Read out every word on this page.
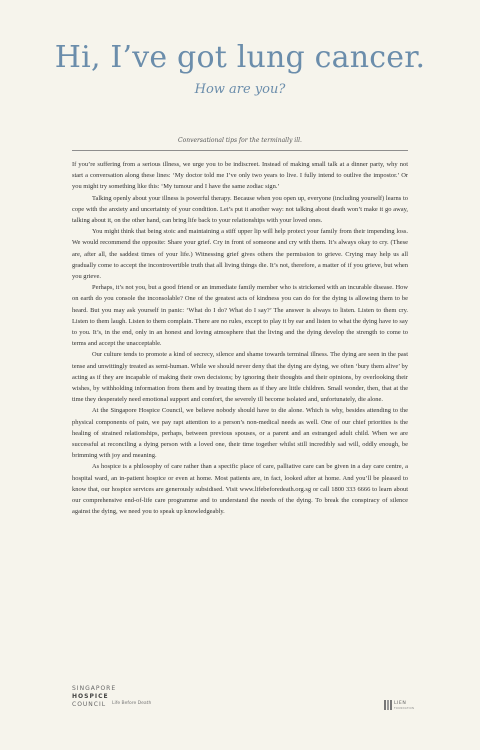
Hi, I’ve got lung cancer.
How are you?
Conversational tips for the terminally ill.

If you’re suffering from a serious illness, we urge you to be indiscreet. Instead of making small talk at a dinner party, why not start a conversation along these lines: ‘My doctor told me I’ve only two years to live. I fully intend to outlive the impostor.’ Or you might try something like this: ‘My tumour and I have the same zodiac sign.’

Talking openly about your illness is powerful therapy. Because when you open up, everyone (including yourself) learns to cope with the anxiety and uncertainty of your condition. Let’s put it another way: not talking about death won’t make it go away, talking about it, on the other hand, can bring life back to your relationships with your loved ones.

You might think that being stoic and maintaining a stiff upper lip will help protect your family from their impending loss. We would recommend the opposite: Share your grief. Cry in front of someone and cry with them. It’s always okay to cry. (These are, after all, the saddest times of your life.) Witnessing grief gives others the permission to grieve. Crying may help us all gradually come to accept the incontrovertible truth that all living things die. It’s not, therefore, a matter of if you grieve, but when you grieve.

Perhaps, it’s not you, but a good friend or an immediate family member who is strickened with an incurable disease. How on earth do you console the inconsolable? One of the greatest acts of kindness you can do for the dying is allowing them to be heard. But you may ask yourself in panic: ‘What do I do? What do I say?’ The answer is always to listen. Listen to them cry. Listen to them laugh. Listen to them complain. There are no rules, except to play it by ear and listen to what the dying have to say to you. It’s, in the end, only in an honest and loving atmosphere that the living and the dying develop the strength to come to terms and accept the unacceptable.

Our culture tends to promote a kind of secrecy, silence and shame towards terminal illness. The dying are seen in the past tense and unwittingly treated as semi-human. While we should never deny that the dying are dying, we often ‘bury them alive’ by acting as if they are incapable of making their own decisions; by ignoring their thoughts and their opinions, by overlooking their wishes, by withholding information from them and by treating them as if they are little children. Small wonder, then, that at the time they desperately need emotional support and comfort, the severely ill become isolated and, unfortunately, die alone.

At the Singapore Hospice Council, we believe nobody should have to die alone. Which is why, besides attending to the physical components of pain, we pay rapt attention to a person’s non-medical needs as well. One of our chief priorities is the healing of strained relationships, perhaps, between previous spouses, or a parent and an estranged adult child. When we are successful at reconciling a dying person with a loved one, their time together whilst still incredibly sad will, oddly enough, be brimming with joy and meaning.

As hospice is a philosophy of care rather than a specific place of care, palliative care can be given in a day care centre, a hospital ward, an in-patient hospice or even at home. Most patients are, in fact, looked after at home. And you’ll be pleased to know that, our hospice services are generously subsidised. Visit www.lifebeforedeath.org.sg or call 1800 333 6666 to learn about our comprehensive end-of-life care programme and to understand the needs of the dying. To break the conspiracy of silence against the dying, we need you to speak up knowledgeably.

SINGAPORE
HOSPICE
COUNCIL	Life Before Death	LIEN
FOUNDATION
